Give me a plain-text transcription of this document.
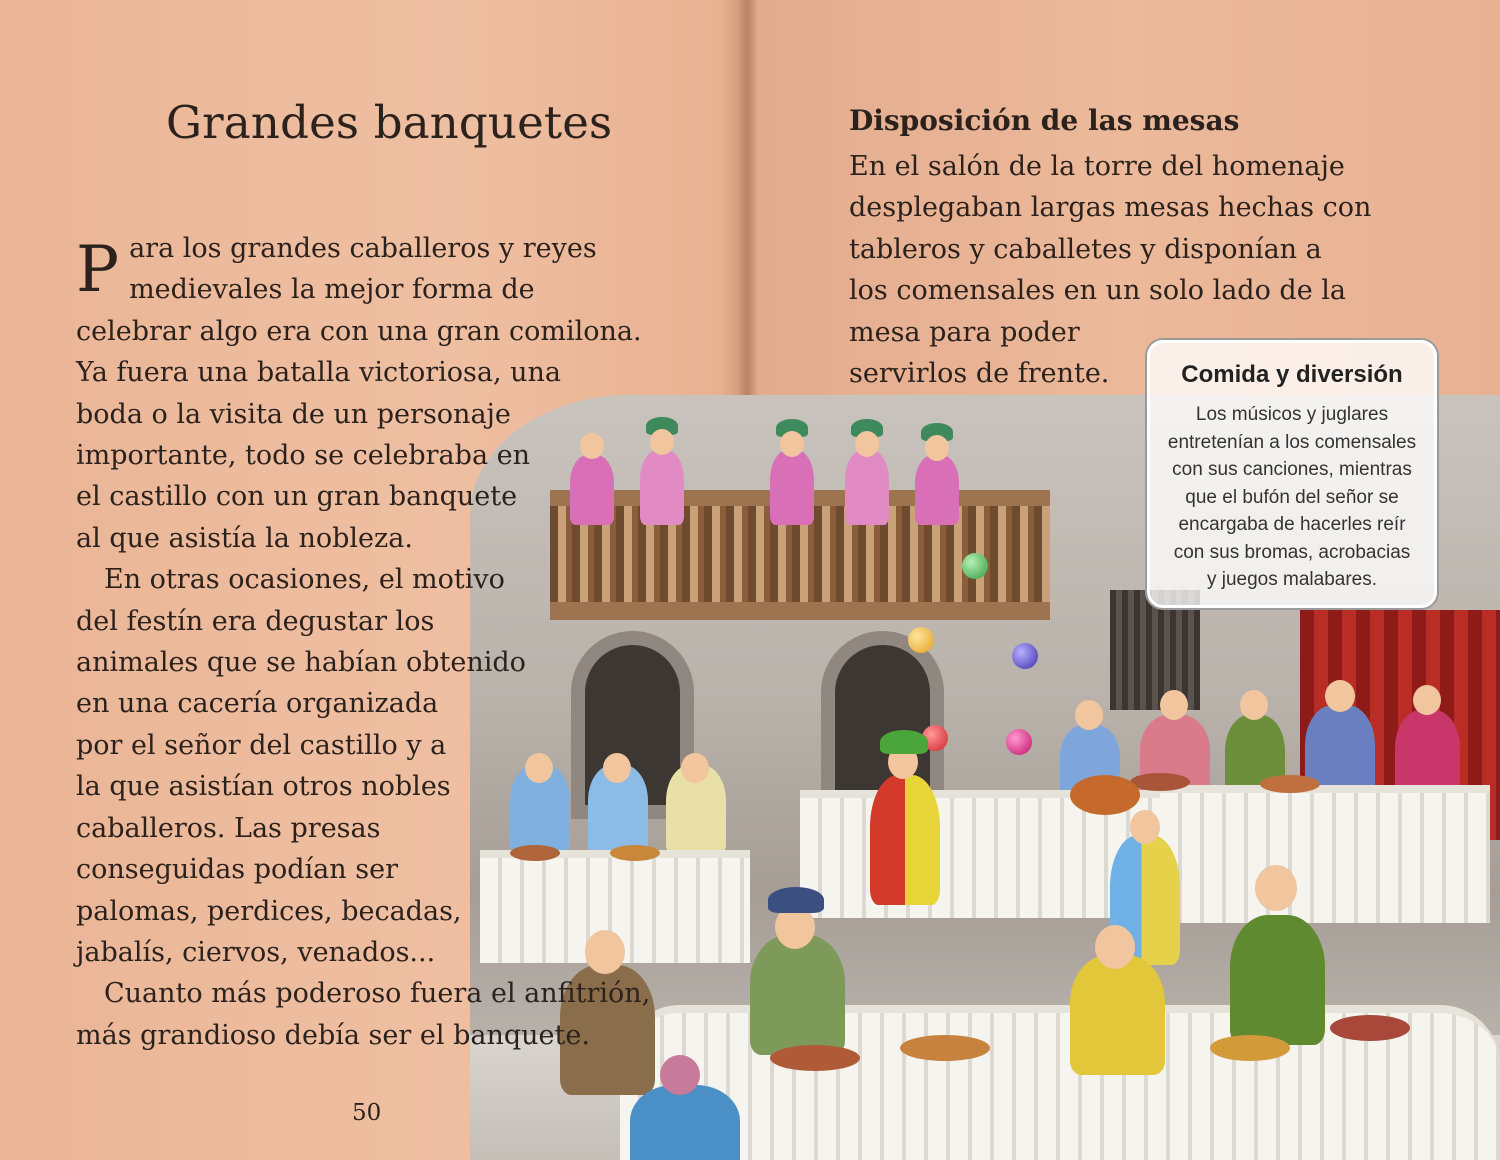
Grandes banquetes

P ara los grandes caballeros y reyes
medievales la mejor forma de
celebrar algo era con una gran comilona.
Ya fuera una batalla victoriosa, una
boda o la visita de un personaje
importante, todo se celebraba en
el castillo con un gran banquete
al que asistía la nobleza.

En otras ocasiones, el motivo
del festín era degustar los
animales que se habían obtenido
en una cacería organizada
por el señor del castillo y a
la que asistían otros nobles
caballeros. Las presas
conseguidas podían ser
palomas, perdices, becadas,
jabalís, ciervos, venados...

Cuanto más poderoso fuera el anfitrión,
más grandioso debía ser el banquete.

50
Disposición de las mesas
En el salón de la torre del homenaje
desplegaban largas mesas hechas con
tableros y caballetes y disponían a
los comensales en un solo lado de la
mesa para poder
servirlos de frente.	Comida y diversión
Los músicos y juglares
entretenían a los comensales
con sus canciones, mientras
que el bufón del señor se
encargaba de hacerles reír
con sus bromas, acrobacias
y juegos malabares.
